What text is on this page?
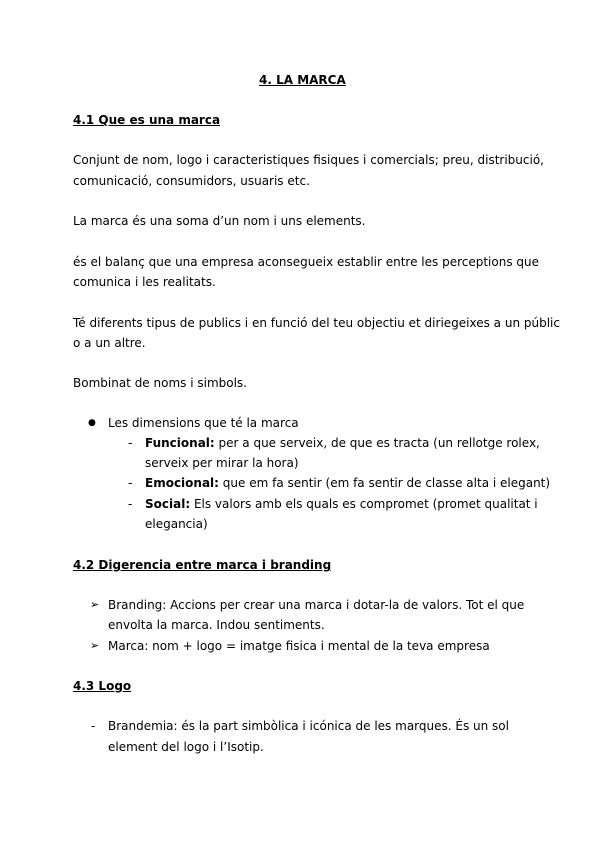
4. LA MARCA
4.1 Que es una marca
Conjunt de nom, logo i caracteristiques fisiques i comercials; preu, distribució,
comunicació, consumidors, usuaris etc.
La marca és una soma d’un nom i uns elements.
és el balanç que una empresa aconsegueix establir entre les perceptions que
comunica i les realitats.
Té diferents tipus de publics i en funció del teu objectiu et diriegeixes a un públic
o a un altre.
Bombinat de noms i simbols.
● Les dimensions que té la marca
- Funcional: per a que serveix, de que es tracta (un rellotge rolex,
serveix per mirar la hora)
- Emocional: que em fa sentir (em fa sentir de classe alta i elegant)
- Social: Els valors amb els quals es compromet (promet qualitat i
elegancia)
4.2 Digerencia entre marca i branding
➢ Branding: Accions per crear una marca i dotar-la de valors. Tot el que
envolta la marca. Indou sentiments.
➢ Marca: nom + logo = imatge fisica i mental de la teva empresa
4.3 Logo
- Brandemia: és la part simbòlica i icónica de les marques. És un sol
element del logo i l’Isotip.
